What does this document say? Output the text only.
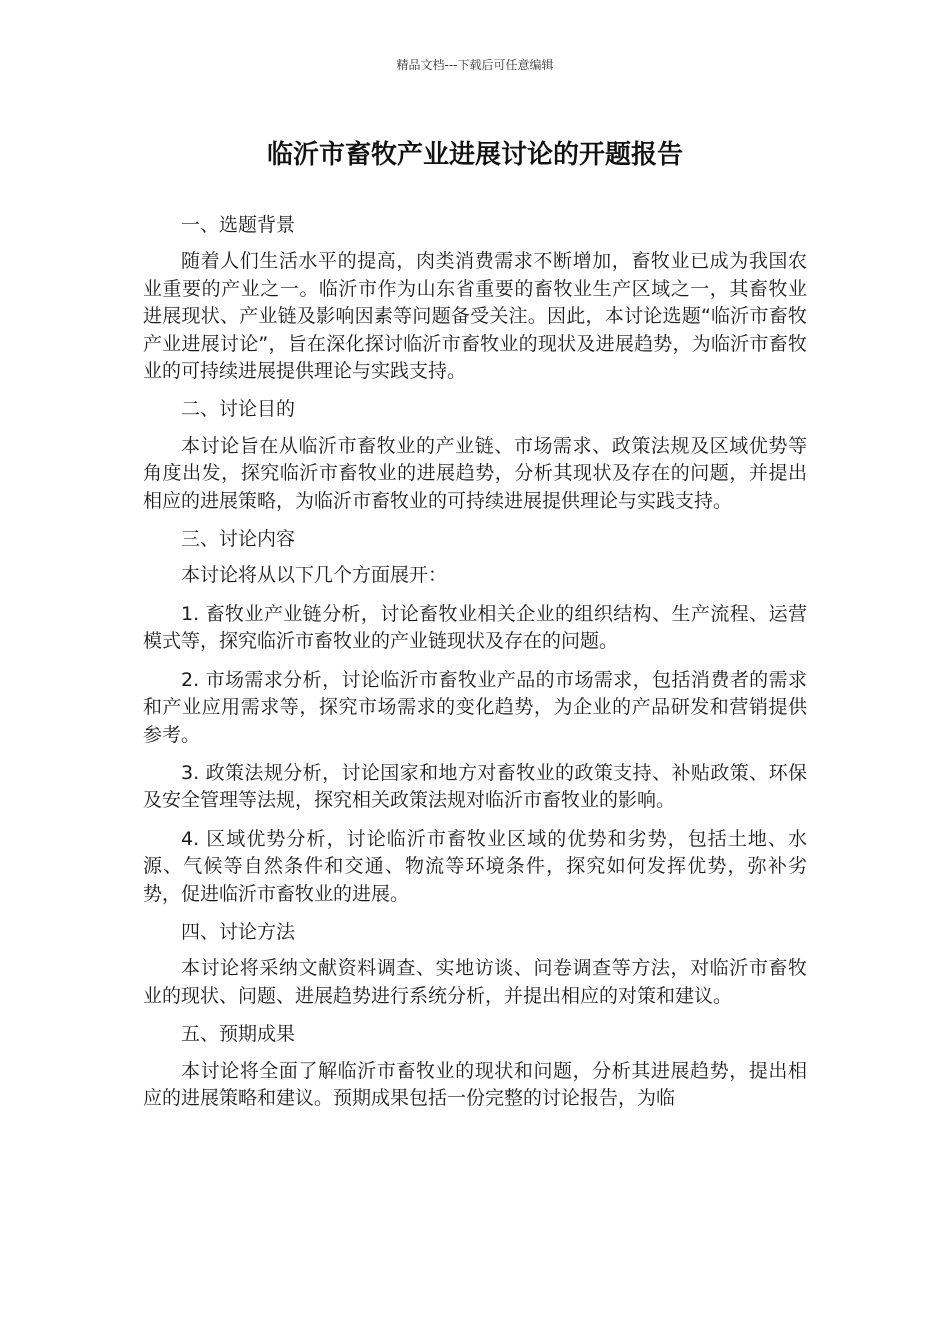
精品文档---下载后可任意编辑
临沂市畜牧产业进展讨论的开题报告

一、选题背景

随着人们生活水平的提高，肉类消费需求不断增加，畜牧业已成为我国农业重要的产业之一。临沂市作为山东省重要的畜牧业生产区域之一，其畜牧业进展现状、产业链及影响因素等问题备受关注。因此，本讨论选题“临沂市畜牧产业进展讨论”，旨在深化探讨临沂市畜牧业的现状及进展趋势，为临沂市畜牧业的可持续进展提供理论与实践支持。

二、讨论目的

本讨论旨在从临沂市畜牧业的产业链、市场需求、政策法规及区域优势等角度出发，探究临沂市畜牧业的进展趋势，分析其现状及存在的问题，并提出相应的进展策略，为临沂市畜牧业的可持续进展提供理论与实践支持。

三、讨论内容

本讨论将从以下几个方面展开：

1. 畜牧业产业链分析，讨论畜牧业相关企业的组织结构、生产流程、运营模式等，探究临沂市畜牧业的产业链现状及存在的问题。

2. 市场需求分析，讨论临沂市畜牧业产品的市场需求，包括消费者的需求和产业应用需求等，探究市场需求的变化趋势，为企业的产品研发和营销提供参考。

3. 政策法规分析，讨论国家和地方对畜牧业的政策支持、补贴政策、环保及安全管理等法规，探究相关政策法规对临沂市畜牧业的影响。

4. 区域优势分析，讨论临沂市畜牧业区域的优势和劣势，包括土地、水源、气候等自然条件和交通、物流等环境条件，探究如何发挥优势，弥补劣势，促进临沂市畜牧业的进展。

四、讨论方法

本讨论将采纳文献资料调查、实地访谈、问卷调查等方法，对临沂市畜牧业的现状、问题、进展趋势进行系统分析，并提出相应的对策和建议。

五、预期成果

本讨论将全面了解临沂市畜牧业的现状和问题，分析其进展趋势，提出相应的进展策略和建议。预期成果包括一份完整的讨论报告，为临
